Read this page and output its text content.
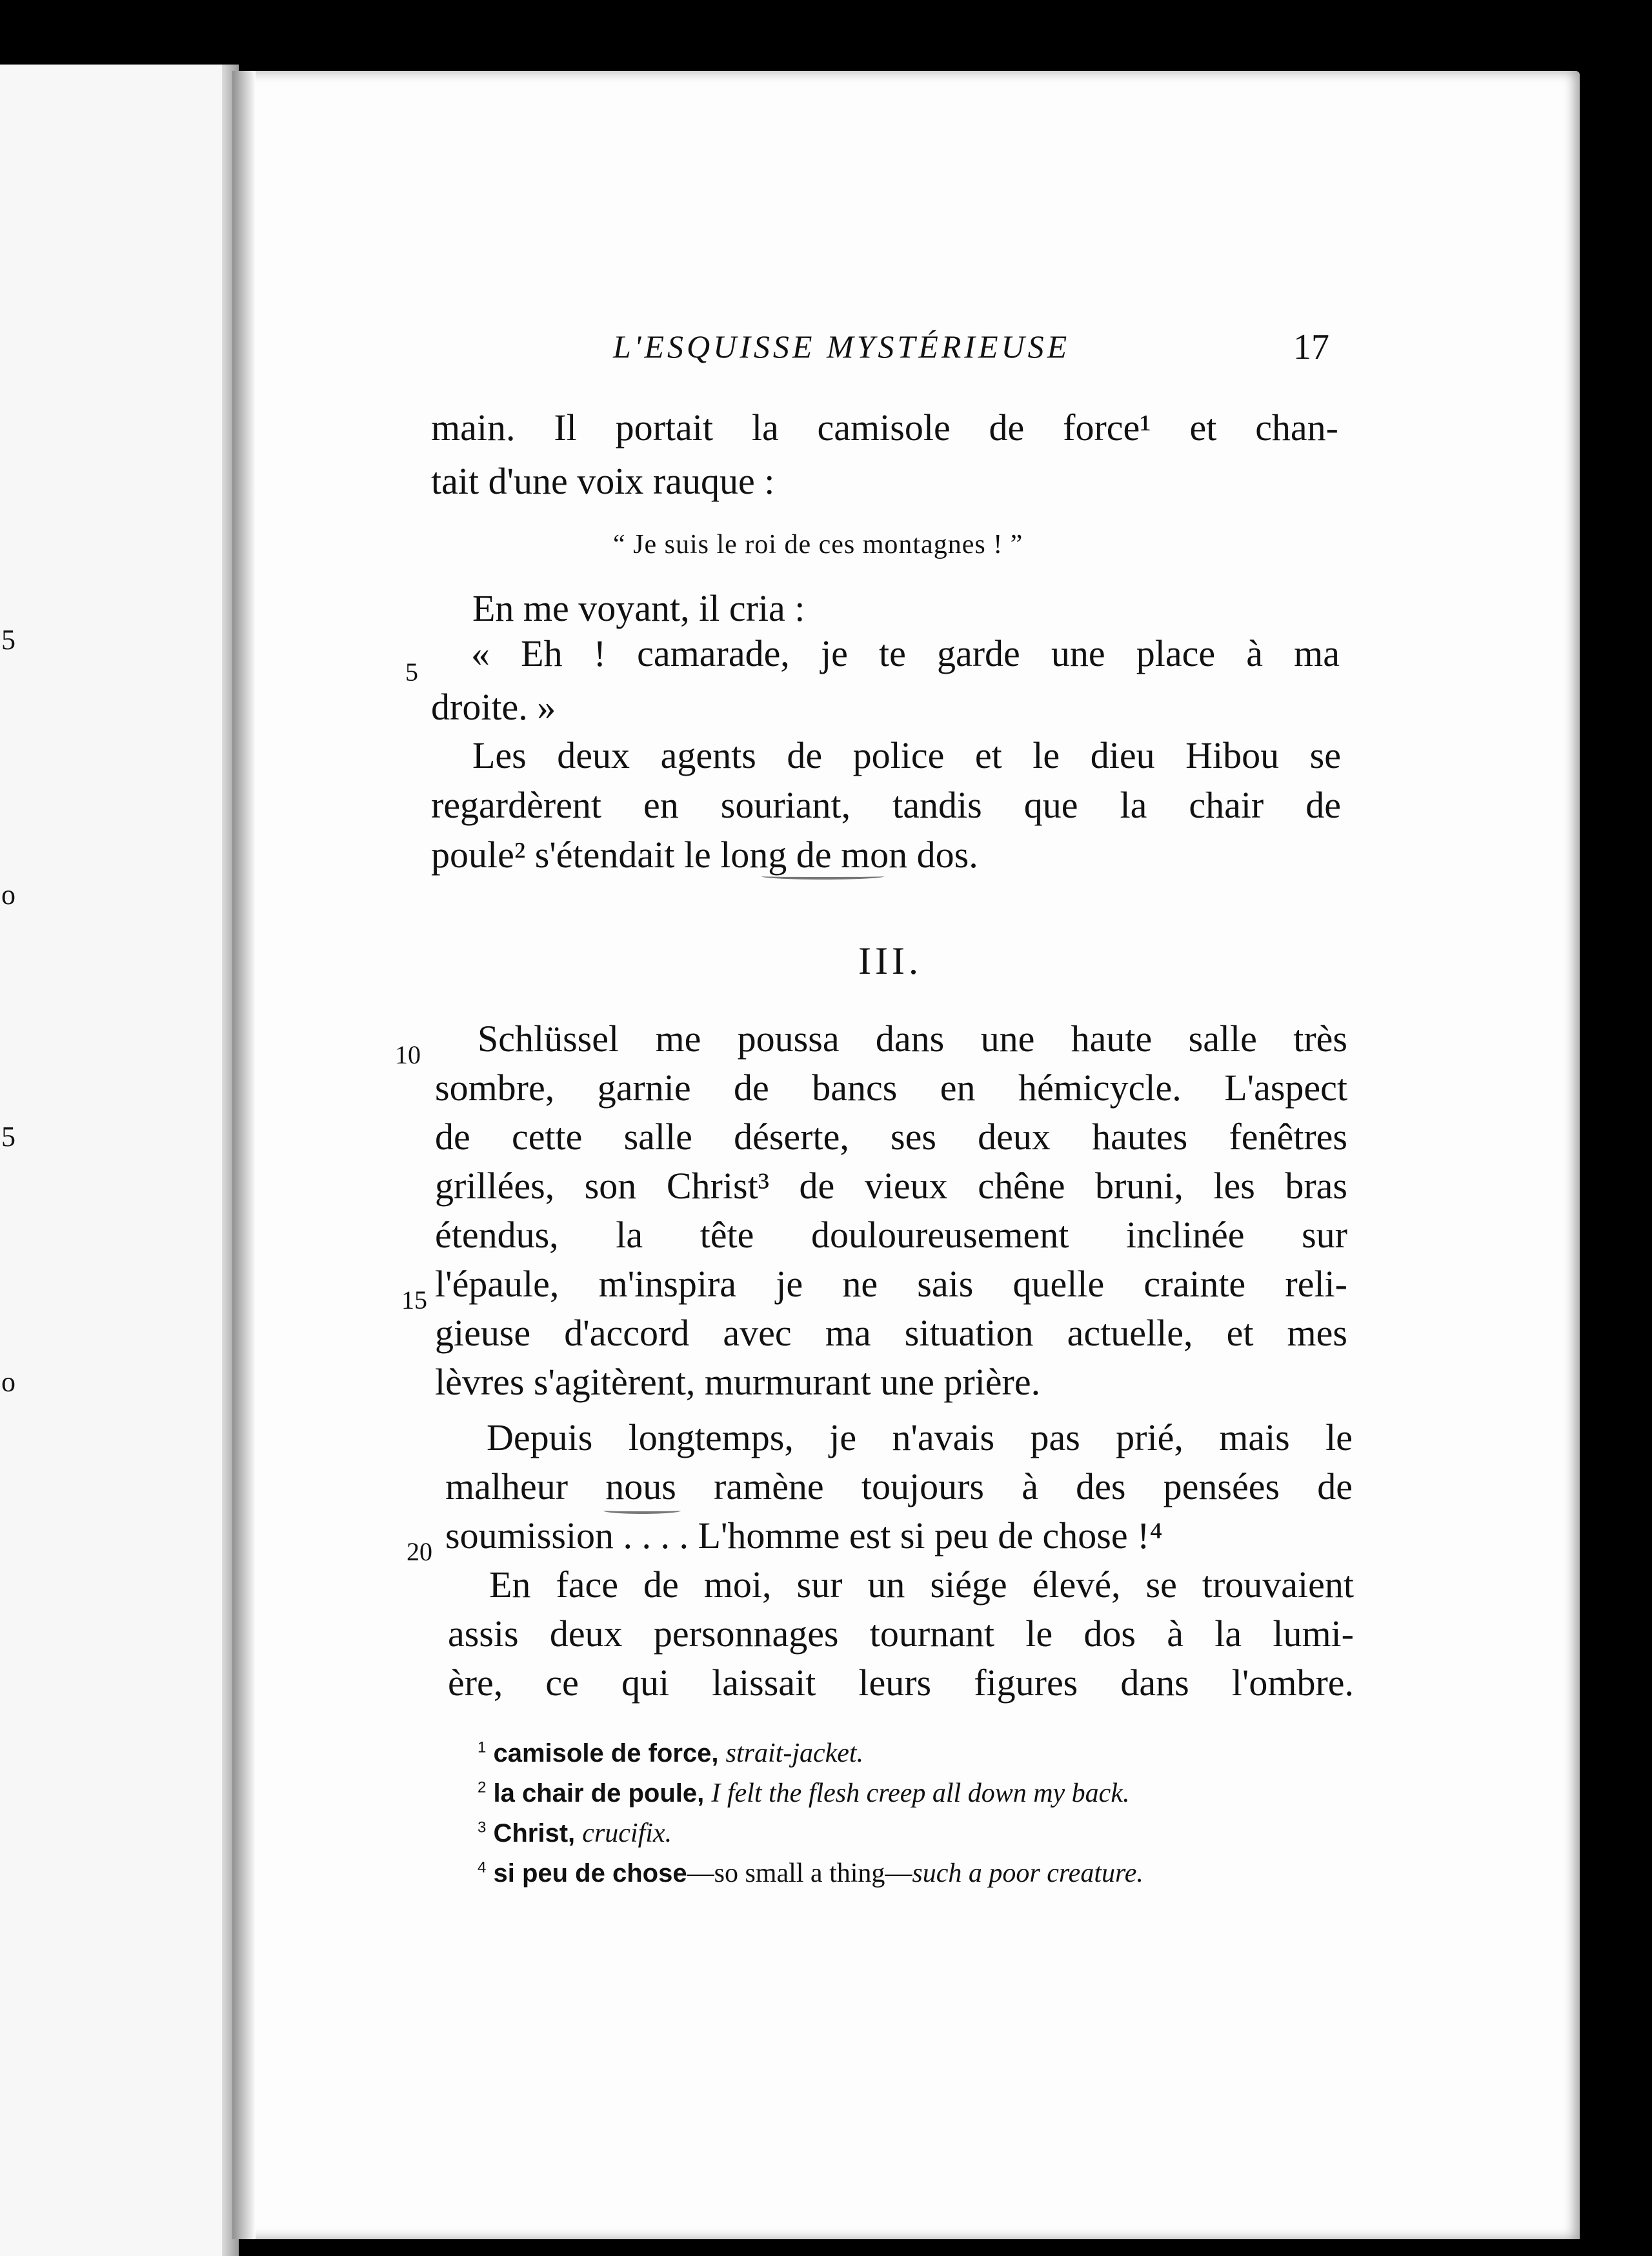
5
o
5
o
L'ESQUISSE MYSTÉRIEUSE	17
main. Il portait la camisole de force¹ et chan-
tait d'une voix rauque :
“ Je suis le roi de ces montagnes ! ”
En me voyant, il cria :
5 « Eh ! camarade, je te garde une place à ma
droite. »
Les deux agents de police et le dieu Hibou se
regardèrent en souriant, tandis que la chair de
poule² s'étendait le long de mon dos.
III.
10 Schlüssel me poussa dans une haute salle très
sombre, garnie de bancs en hémicycle. L'aspect
de cette salle déserte, ses deux hautes fenêtres
grillées, son Christ³ de vieux chêne bruni, les bras
étendus, la tête douloureusement inclinée sur
15 l'épaule, m'inspira je ne sais quelle crainte reli-
gieuse d'accord avec ma situation actuelle, et mes
lèvres s'agitèrent, murmurant une prière.
Depuis longtemps, je n'avais pas prié, mais le
malheur nous ramène toujours à des pensées de
20 soumission . . . . L'homme est si peu de chose !⁴
En face de moi, sur un siége élevé, se trouvaient
assis deux personnages tournant le dos à la lumi-
ère, ce qui laissait leurs figures dans l'ombre.
$^1$ camisole de force, strait-jacket.
$^2$ la chair de poule, I felt the flesh creep all down my back.
$^3$ Christ, crucifix.
$^4$ si peu de chose—so small a thing—such a poor creature.
